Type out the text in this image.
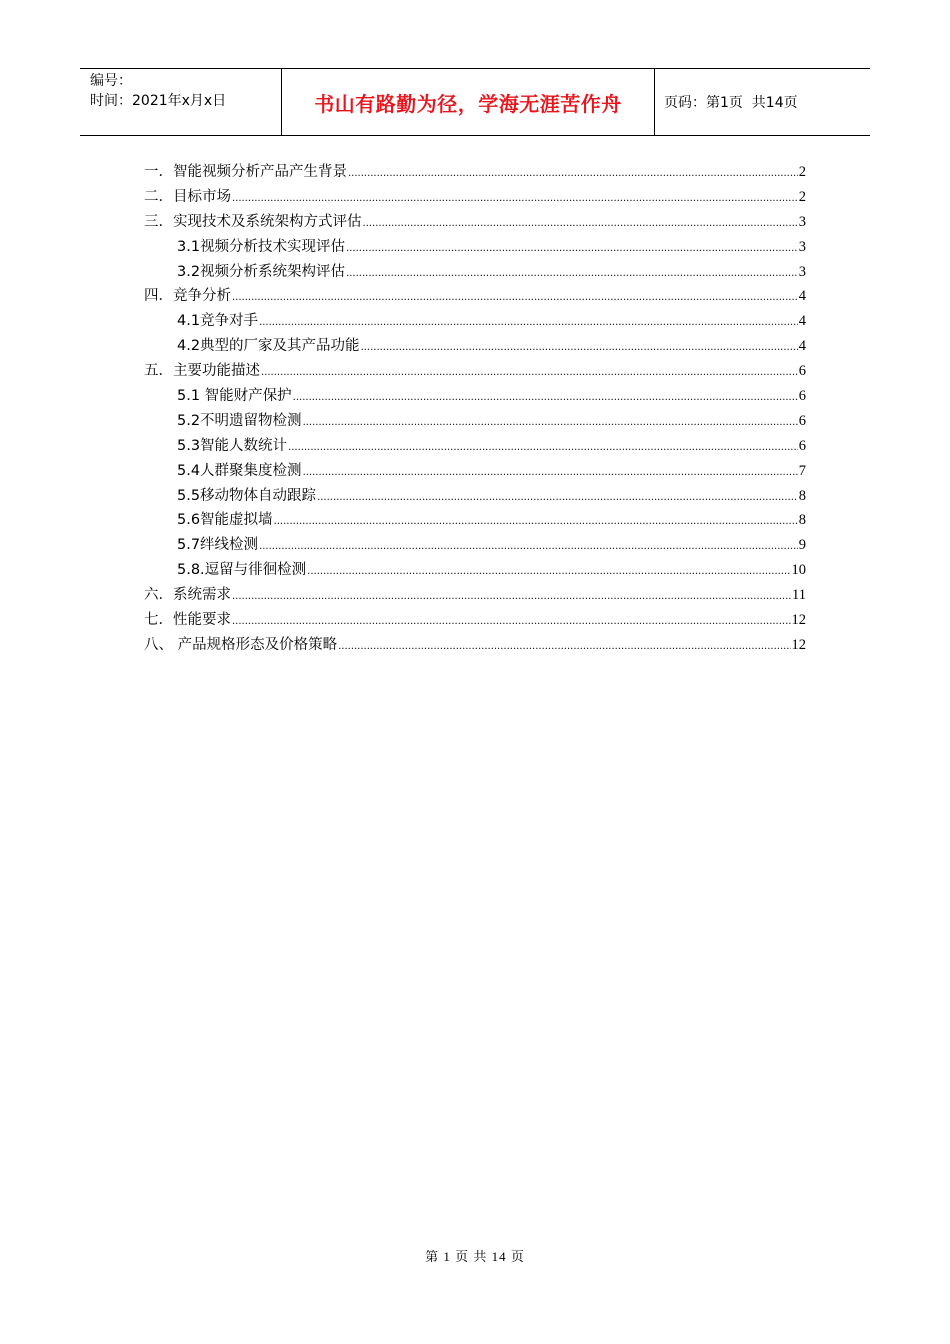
编号：
时间：2021年x月x日	书山有路勤为径，学海无涯苦作舟	页码：第1页  共14页
一．智能视频分析产品产生背景 .....	2
二．目标市场 .....	2
三．实现技术及系统架构方式评估 .....	3
3.1视频分析技术实现评估 .....	3
3.2视频分析系统架构评估 .....	3
四．竞争分析 .....	4
4.1竞争对手 .....	4
4.2典型的厂家及其产品功能 .....	4
五．主要功能描述 .....	6
5.1 智能财产保护 .....	6
5.2不明遗留物检测 .....	6
5.3智能人数统计 .....	6
5.4人群聚集度检测 .....	7
5.5移动物体自动跟踪 .....	8
5.6智能虚拟墙 .....	8
5.7绊线检测 .....	9
5.8.逗留与徘徊检测 .....	10
六．系统需求 .....	11
七．性能要求 .....	12
八、 产品规格形态及价格策略 .....	12
第 1 页 共 14 页
